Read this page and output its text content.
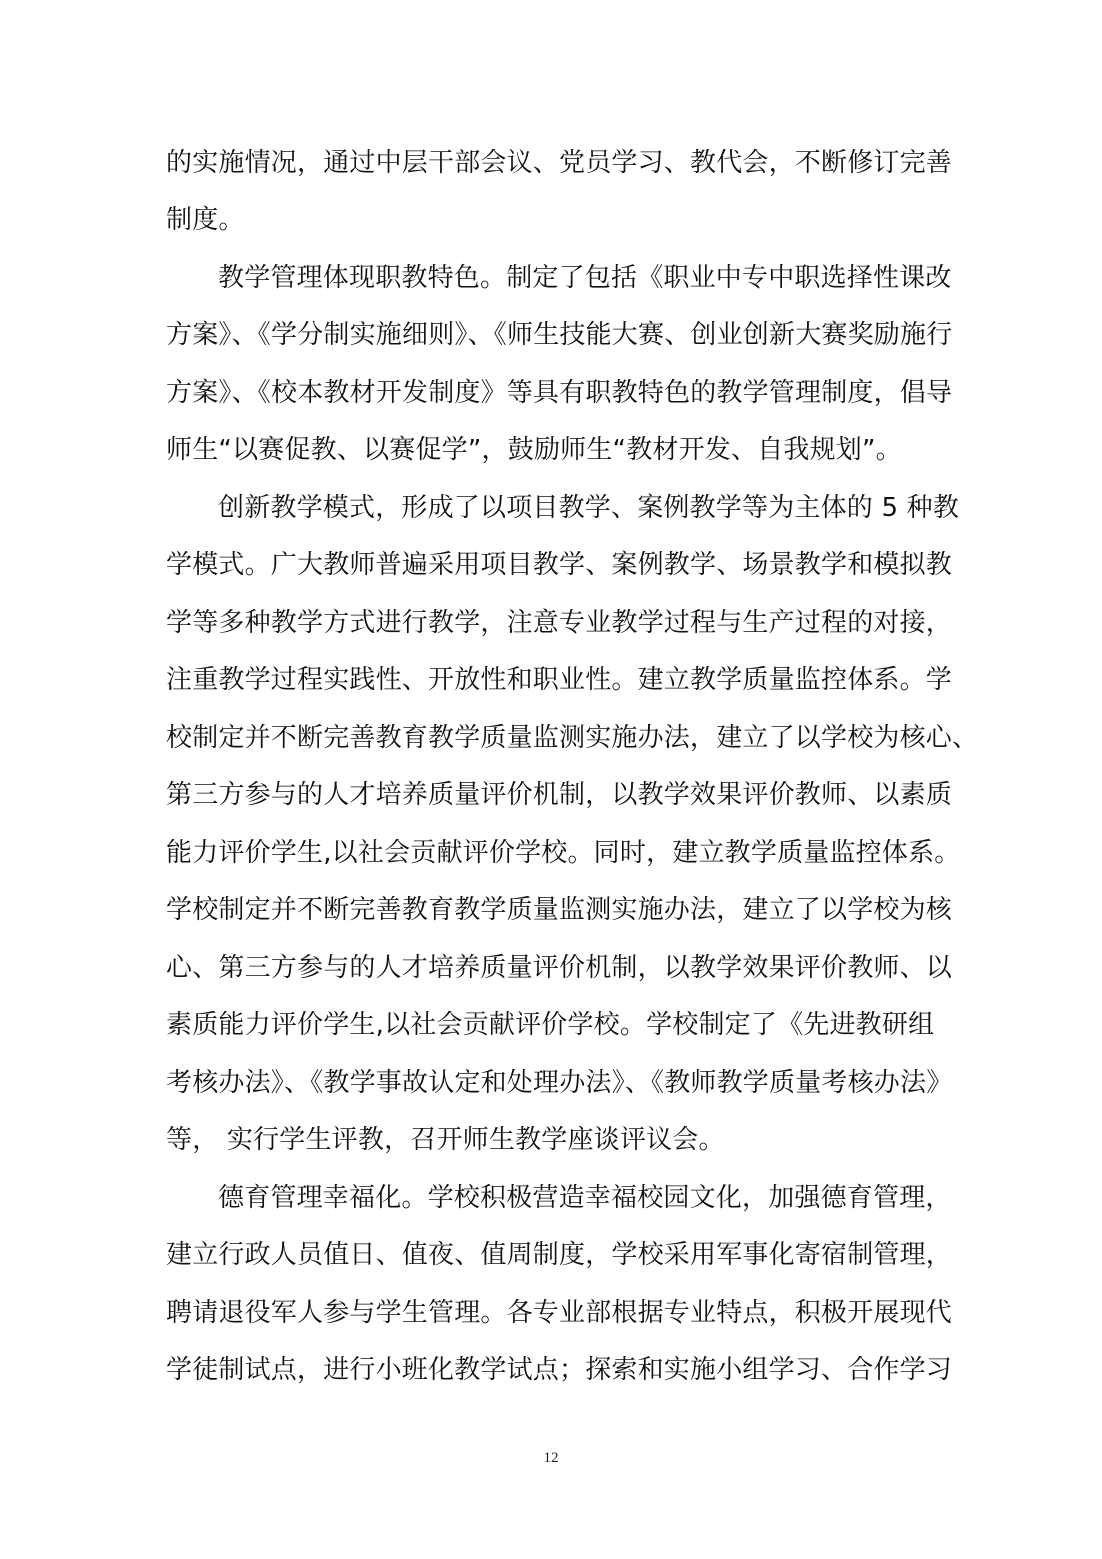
的实施情况，通过中层干部会议、党员学习、教代会，不断修订完善
制度。
教学管理体现职教特色。制定了包括《职业中专中职选择性课改
方案》、《学分制实施细则》、《师生技能大赛、创业创新大赛奖励施行
方案》、《校本教材开发制度》等具有职教特色的教学管理制度，倡导
师生“以赛促教、以赛促学”，鼓励师生“教材开发、自我规划”。
创新教学模式，形成了以项目教学、案例教学等为主体的 5 种教
学模式。广大教师普遍采用项目教学、案例教学、场景教学和模拟教
学等多种教学方式进行教学，注意专业教学过程与生产过程的对接，
注重教学过程实践性、开放性和职业性。建立教学质量监控体系。学
校制定并不断完善教育教学质量监测实施办法，建立了以学校为核心、
第三方参与的人才培养质量评价机制，以教学效果评价教师、以素质
能力评价学生,以社会贡献评价学校。同时，建立教学质量监控体系。
学校制定并不断完善教育教学质量监测实施办法，建立了以学校为核
心、第三方参与的人才培养质量评价机制，以教学效果评价教师、以
素质能力评价学生,以社会贡献评价学校。学校制定了《先进教研组
考核办法》、《教学事故认定和处理办法》、《教师教学质量考核办法》
等， 实行学生评教，召开师生教学座谈评议会。
德育管理幸福化。学校积极营造幸福校园文化，加强德育管理，
建立行政人员值日、值夜、值周制度，学校采用军事化寄宿制管理，
聘请退役军人参与学生管理。各专业部根据专业特点，积极开展现代
学徒制试点，进行小班化教学试点；探索和实施小组学习、合作学习
12
